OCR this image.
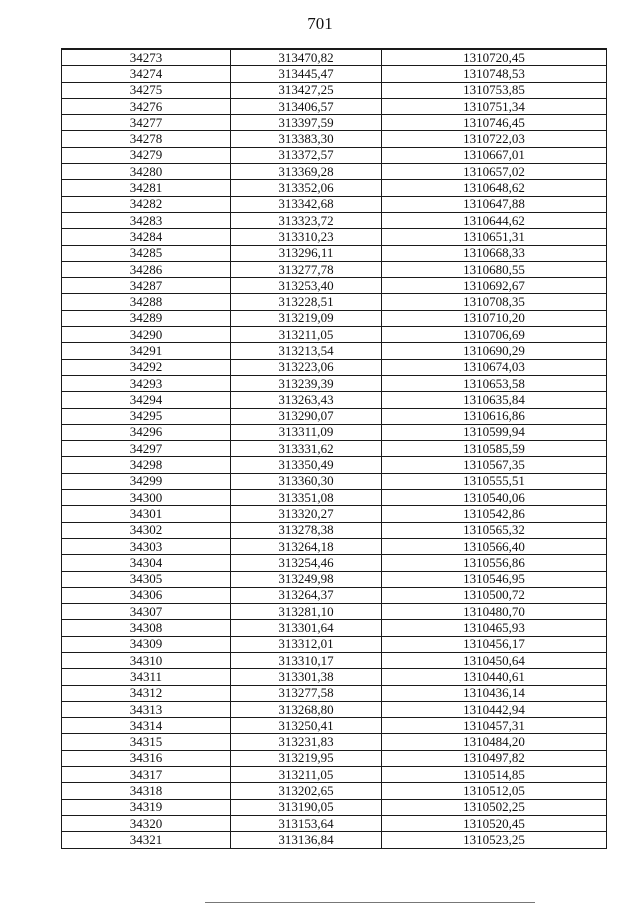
701
34273	313470,82	1310720,45
34274	313445,47	1310748,53
34275	313427,25	1310753,85
34276	313406,57	1310751,34
34277	313397,59	1310746,45
34278	313383,30	1310722,03
34279	313372,57	1310667,01
34280	313369,28	1310657,02
34281	313352,06	1310648,62
34282	313342,68	1310647,88
34283	313323,72	1310644,62
34284	313310,23	1310651,31
34285	313296,11	1310668,33
34286	313277,78	1310680,55
34287	313253,40	1310692,67
34288	313228,51	1310708,35
34289	313219,09	1310710,20
34290	313211,05	1310706,69
34291	313213,54	1310690,29
34292	313223,06	1310674,03
34293	313239,39	1310653,58
34294	313263,43	1310635,84
34295	313290,07	1310616,86
34296	313311,09	1310599,94
34297	313331,62	1310585,59
34298	313350,49	1310567,35
34299	313360,30	1310555,51
34300	313351,08	1310540,06
34301	313320,27	1310542,86
34302	313278,38	1310565,32
34303	313264,18	1310566,40
34304	313254,46	1310556,86
34305	313249,98	1310546,95
34306	313264,37	1310500,72
34307	313281,10	1310480,70
34308	313301,64	1310465,93
34309	313312,01	1310456,17
34310	313310,17	1310450,64
34311	313301,38	1310440,61
34312	313277,58	1310436,14
34313	313268,80	1310442,94
34314	313250,41	1310457,31
34315	313231,83	1310484,20
34316	313219,95	1310497,82
34317	313211,05	1310514,85
34318	313202,65	1310512,05
34319	313190,05	1310502,25
34320	313153,64	1310520,45
34321	313136,84	1310523,25
